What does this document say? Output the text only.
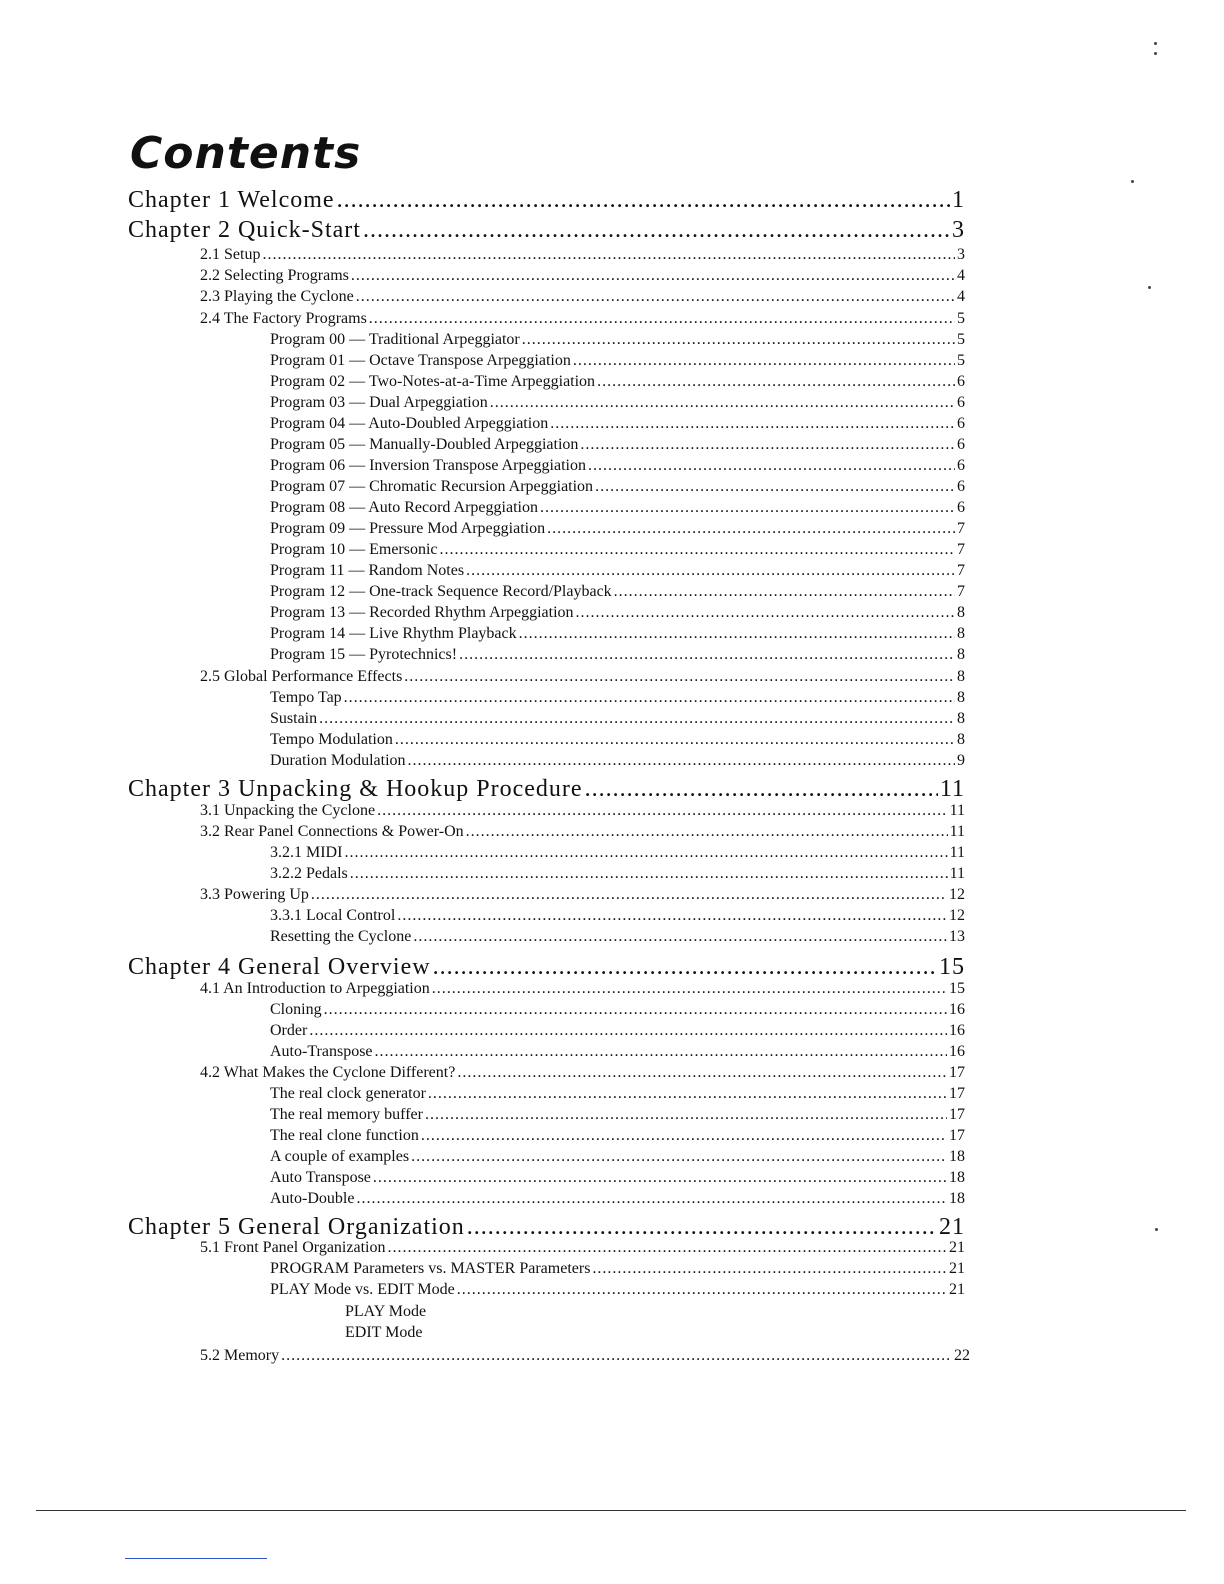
Contents
Chapter 1 Welcome .....	1
Chapter 2 Quick-Start .....	3
2.1 Setup .....	3
2.2 Selecting Programs .....	4
2.3 Playing the Cyclone .....	4
2.4 The Factory Programs .....	5
Program 00 — Traditional Arpeggiator .....	5
Program 01 — Octave Transpose Arpeggiation .....	5
Program 02 — Two-Notes-at-a-Time Arpeggiation .....	6
Program 03 — Dual Arpeggiation .....	6
Program 04 — Auto-Doubled Arpeggiation .....	6
Program 05 — Manually-Doubled Arpeggiation .....	6
Program 06 — Inversion Transpose Arpeggiation .....	6
Program 07 — Chromatic Recursion Arpeggiation .....	6
Program 08 — Auto Record Arpeggiation .....	6
Program 09 — Pressure Mod Arpeggiation .....	7
Program 10 — Emersonic .....	7
Program 11 — Random Notes .....	7
Program 12 — One-track Sequence Record/Playback .....	7
Program 13 — Recorded Rhythm Arpeggiation .....	8
Program 14 — Live Rhythm Playback .....	8
Program 15 — Pyrotechnics! .....	8
2.5 Global Performance Effects .....	8
Tempo Tap .....	8
Sustain .....	8
Tempo Modulation .....	8
Duration Modulation .....	9
Chapter 3 Unpacking & Hookup Procedure .....	11
3.1 Unpacking the Cyclone .....	11
3.2 Rear Panel Connections & Power-On .....	11
3.2.1 MIDI .....	11
3.2.2 Pedals .....	11
3.3 Powering Up .....	12
3.3.1 Local Control .....	12
Resetting the Cyclone .....	13
Chapter 4 General Overview .....	15
4.1 An Introduction to Arpeggiation .....	15
Cloning .....	16
Order .....	16
Auto-Transpose .....	16
4.2 What Makes the Cyclone Different? .....	17
The real clock generator .....	17
The real memory buffer .....	17
The real clone function .....	17
A couple of examples .....	18
Auto Transpose .....	18
Auto-Double .....	18
Chapter 5 General Organization .....	21
5.1 Front Panel Organization .....	21
PROGRAM Parameters vs. MASTER Parameters .....	21
PLAY Mode vs. EDIT Mode .....	21
PLAY Mode
EDIT Mode
5.2 Memory .....	22
